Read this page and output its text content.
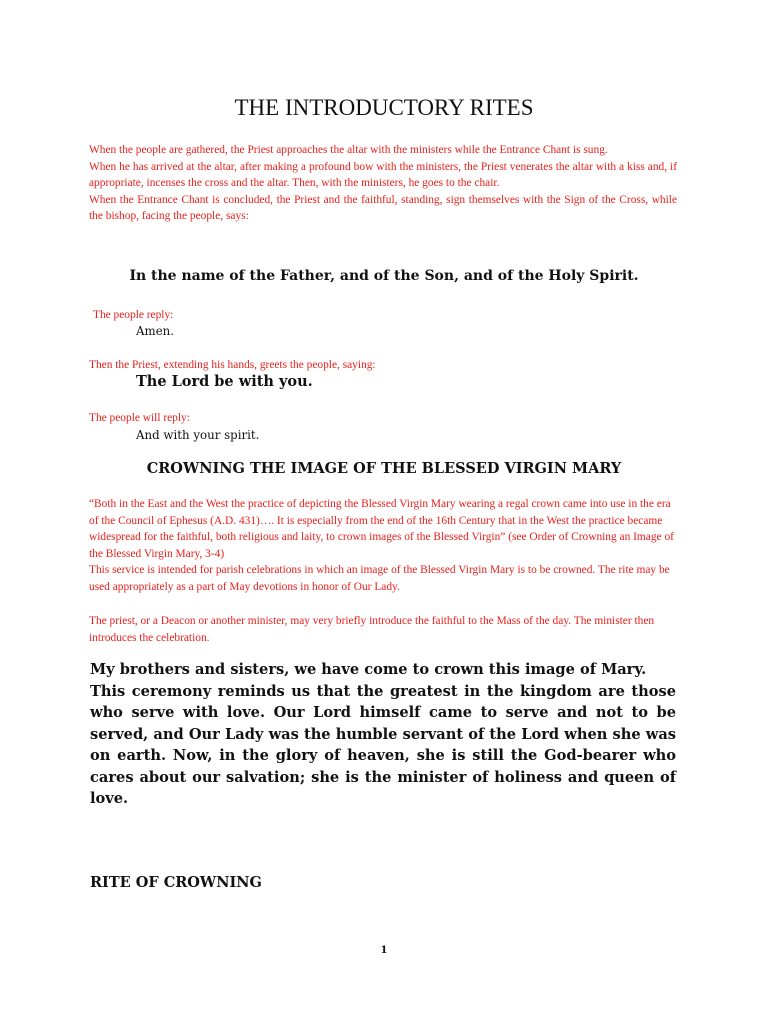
THE INTRODUCTORY RITES

When the people are gathered, the Priest approaches the altar with the ministers while the Entrance Chant is sung.

When he has arrived at the altar, after making a profound bow with the ministers, the Priest venerates the altar with a kiss and, if appropriate, incenses the cross and the altar. Then, with the ministers, he goes to the chair.

When the Entrance Chant is concluded, the Priest and the faithful, standing, sign themselves with the Sign of the Cross, while the bishop, facing the people, says:

In the name of the Father, and of the Son, and of the Holy Spirit.
The people reply:
Amen.
Then the Priest, extending his hands, greets the people, saying:
The Lord be with you.
The people will reply:
And with your spirit.
CROWNING THE IMAGE OF THE BLESSED VIRGIN MARY

“Both in the East and the West the practice of depicting the Blessed Virgin Mary wearing a regal crown came into use in the era of the Council of Ephesus (A.D. 431)…. It is especially from the end of the 16th Century that in the West the practice became widespread for the faithful, both religious and laity, to crown images of the Blessed Virgin” (see Order of Crowning an Image of the Blessed Virgin Mary, 3-4)

This service is intended for parish celebrations in which an image of the Blessed Virgin Mary is to be crowned. The rite may be used appropriately as a part of May devotions in honor of Our Lady.

The priest, or a Deacon or another minister, may very briefly introduce the faithful to the Mass of the day. The minister then introduces the celebration.

My brothers and sisters, we have come to crown this image of Mary.

This ceremony reminds us that the greatest in the kingdom are those who serve with love. Our Lord himself came to serve and not to be served, and Our Lady was the humble servant of the Lord when she was on earth. Now, in the glory of heaven, she is still the God-bearer who cares about our salvation; she is the minister of holiness and queen of love.

RITE OF CROWNING
1
